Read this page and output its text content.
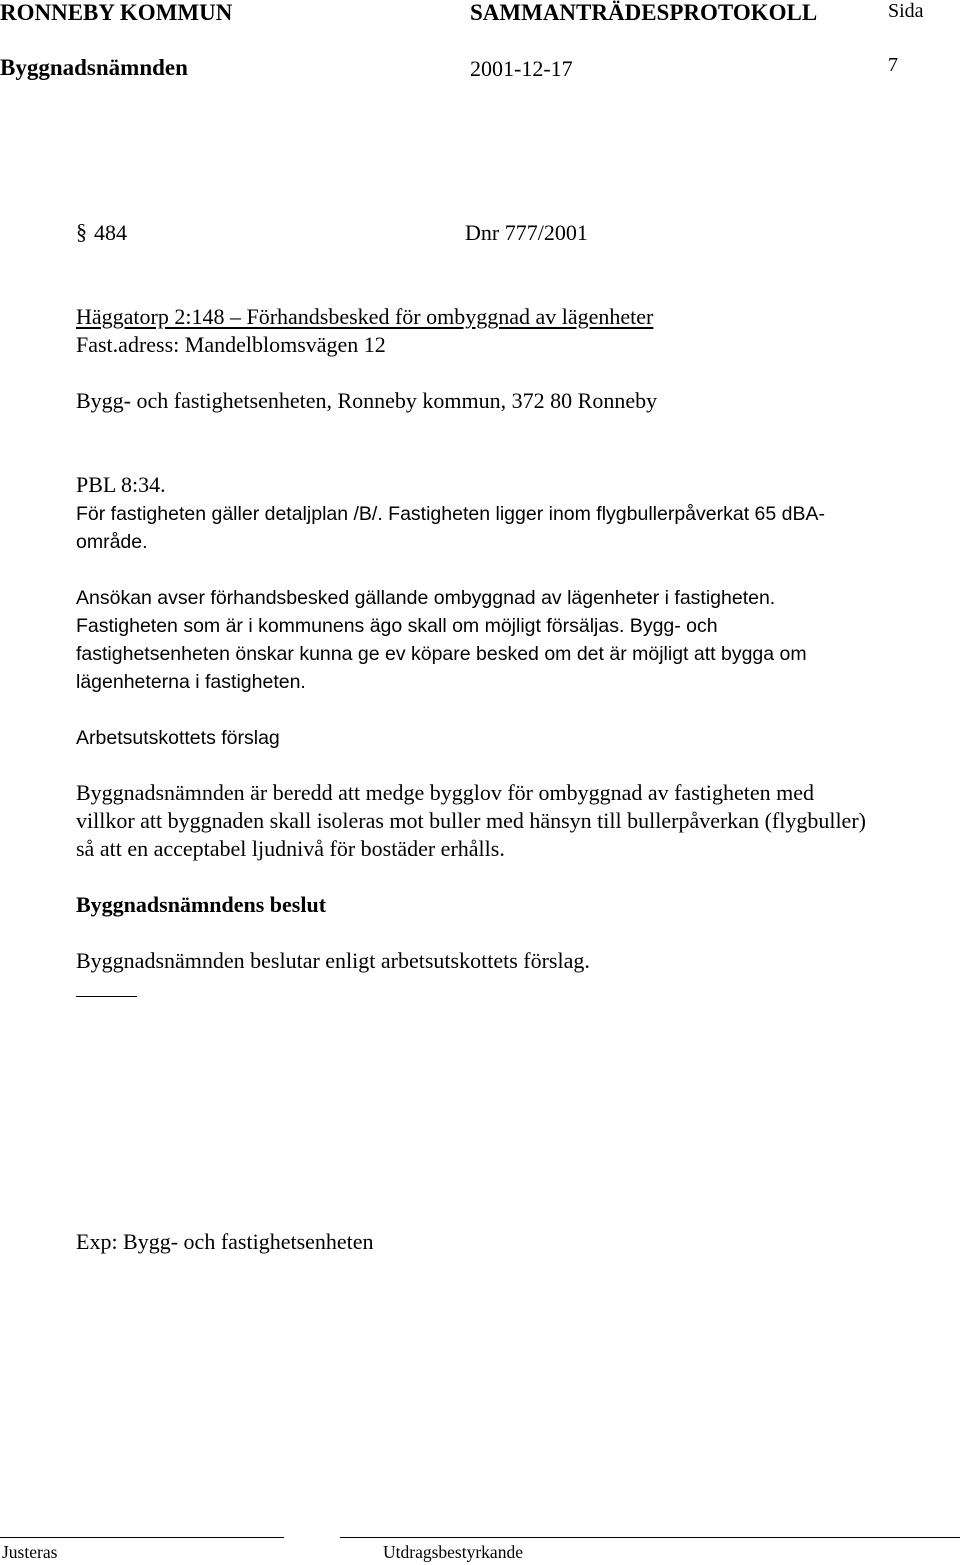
RONNEBY KOMMUN	SAMMANTRÄDESPROTOKOLL	Sida
Byggnadsnämnden	2001-12-17	7
§ 484	Dnr 777/2001
Häggatorp 2:148 – Förhandsbesked för ombyggnad av lägenheter
Fast.adress: Mandelblomsvägen 12
Bygg- och fastighetsenheten, Ronneby kommun, 372 80 Ronneby
PBL 8:34.
För fastigheten gäller detaljplan /B/. Fastigheten ligger inom flygbullerpåverkat 65 dBA-
område.
Ansökan avser förhandsbesked gällande ombyggnad av lägenheter i fastigheten.
Fastigheten som är i kommunens ägo skall om möjligt försäljas. Bygg- och
fastighetsenheten önskar kunna ge ev köpare besked om det är möjligt att bygga om
lägenheterna i fastigheten.
Arbetsutskottets förslag
Byggnadsnämnden är beredd att medge bygglov för ombyggnad av fastigheten med
villkor att byggnaden skall isoleras mot buller med hänsyn till bullerpåverkan (flygbuller)
så att en acceptabel ljudnivå för bostäder erhålls.
Byggnadsnämndens beslut
Byggnadsnämnden beslutar enligt arbetsutskottets förslag.
Exp: Bygg- och fastighetsenheten
Justeras	Utdragsbestyrkande
